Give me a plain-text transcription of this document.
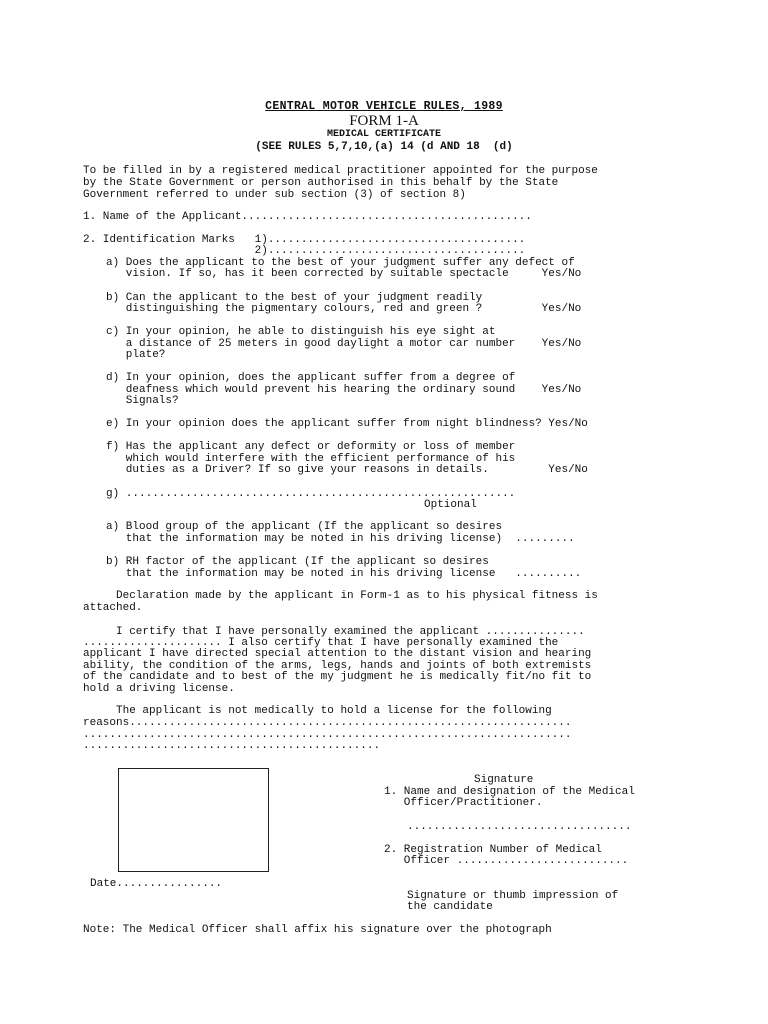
CENTRAL MOTOR VEHICLE RULES, 1989
FORM 1-A
MEDICAL CERTIFICATE
(SEE RULES 5,7,10,(a) 14 (d AND 18  (d)
To be filled in by a registered medical practitioner appointed for the purpose
by the State Government or person authorised in this behalf by the State
Government referred to under sub section (3) of section 8)
1. Name of the Applicant............................................
2. Identification Marks   1).......................................
2).......................................
a) Does the applicant to the best of your judgment suffer any defect of
vision. If so, has it been corrected by suitable spectacle     Yes/No
b) Can the applicant to the best of your judgment readily
distinguishing the pigmentary colours, red and green ?         Yes/No
c) In your opinion, he able to distinguish his eye sight at
a distance of 25 meters in good daylight a motor car number    Yes/No
plate?
d) In your opinion, does the applicant suffer from a degree of
deafness which would prevent his hearing the ordinary sound    Yes/No
Signals?
e) In your opinion does the applicant suffer from night blindness? Yes/No
f) Has the applicant any defect or deformity or loss of member
which would interfere with the efficient performance of his
duties as a Driver? If so give your reasons in details.         Yes/No
g) ...........................................................
Optional
a) Blood group of the applicant (If the applicant so desires
that the information may be noted in his driving license)  .........
b) RH factor of the applicant (If the applicant so desires
that the information may be noted in his driving license   ..........
Declaration made by the applicant in Form-1 as to his physical fitness is
attached.
I certify that I have personally examined the applicant ...............
..................... I also certify that I have personally examined the
applicant I have directed special attention to the distant vision and hearing
ability, the condition of the arms, legs, hands and joints of both extremists
of the candidate and to best of the my judgment he is medically fit/no fit to
hold a driving license.
The applicant is not medically to hold a license for the following
reasons...................................................................
..........................................................................
.............................................
Signature
1. Name and designation of the Medical
Officer/Practitioner.
..................................
2. Registration Number of Medical
Officer ..........................
Signature or thumb impression of
the candidate
Date................
Note: The Medical Officer shall affix his signature over the photograph
